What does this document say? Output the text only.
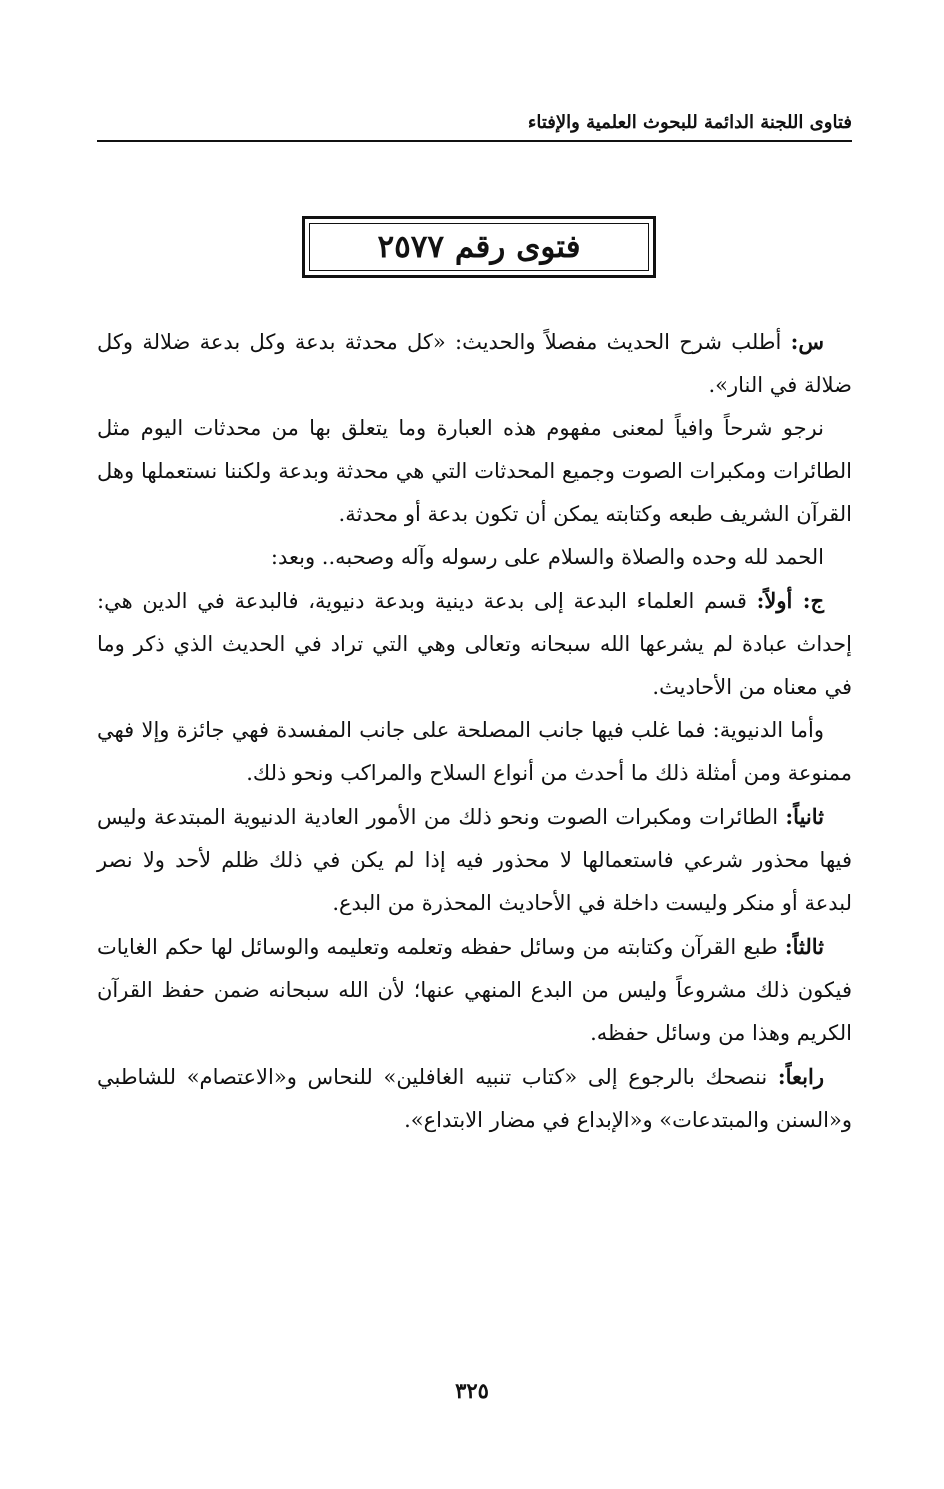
فتاوى اللجنة الدائمة للبحوث العلمية والإفتاء
فتوى رقم ٢٥٧٧

س: أطلب شرح الحديث مفصلاً والحديث: «كل محدثة بدعة وكل بدعة ضلالة وكل ضلالة في النار».

نرجو شرحاً وافياً لمعنى مفهوم هذه العبارة وما يتعلق بها من محدثات اليوم مثل الطائرات ومكبرات الصوت وجميع المحدثات التي هي محدثة وبدعة ولكننا نستعملها وهل القرآن الشريف طبعه وكتابته يمكن أن تكون بدعة أو محدثة.

الحمد لله وحده والصلاة والسلام على رسوله وآله وصحبه.. وبعد:

ج: أولاً: قسم العلماء البدعة إلى بدعة دينية وبدعة دنيوية، فالبدعة في الدين هي: إحداث عبادة لم يشرعها الله سبحانه وتعالى وهي التي تراد في الحديث الذي ذكر وما في معناه من الأحاديث.

وأما الدنيوية: فما غلب فيها جانب المصلحة على جانب المفسدة فهي جائزة وإلا فهي ممنوعة ومن أمثلة ذلك ما أحدث من أنواع السلاح والمراكب ونحو ذلك.

ثانياً: الطائرات ومكبرات الصوت ونحو ذلك من الأمور العادية الدنيوية المبتدعة وليس فيها محذور شرعي فاستعمالها لا محذور فيه إذا لم يكن في ذلك ظلم لأحد ولا نصر لبدعة أو منكر وليست داخلة في الأحاديث المحذرة من البدع.

ثالثاً: طبع القرآن وكتابته من وسائل حفظه وتعلمه وتعليمه والوسائل لها حكم الغايات فيكون ذلك مشروعاً وليس من البدع المنهي عنها؛ لأن الله سبحانه ضمن حفظ القرآن الكريم وهذا من وسائل حفظه.

رابعاً: ننصحك بالرجوع إلى «كتاب تنبيه الغافلين» للنحاس و«الاعتصام» للشاطبي و«السنن والمبتدعات» و«الإبداع في مضار الابتداع».

٣٢٥
